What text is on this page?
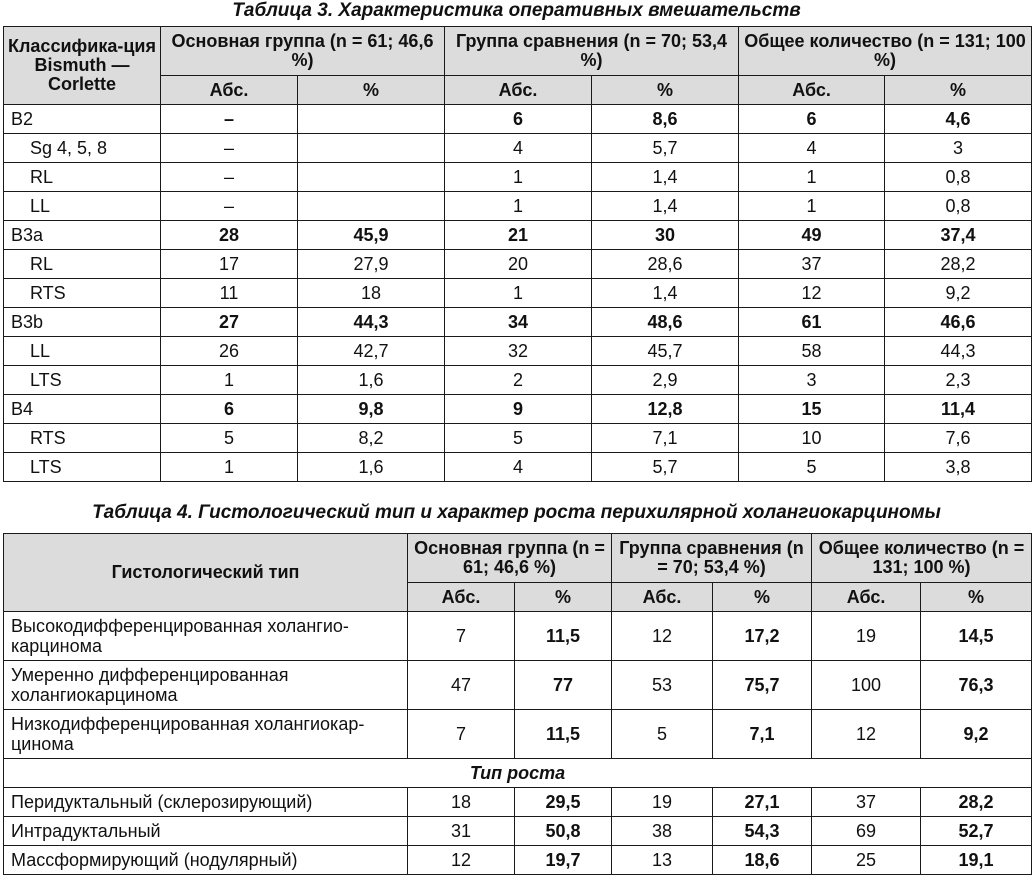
Таблица 3. Характеристика оперативных вмешательств
Классифика-ция Bismuth — Corlette	Основная группа (n = 61; 46,6 %)		Группа сравнения (n = 70; 53,4 %)		Общее количество (n = 131; 100 %)	
	Абс.	%	Абс.	%	Абс.	%
B2	–		6	8,6	6	4,6
Sg 4, 5, 8	–		4	5,7	4	3
RL	–		1	1,4	1	0,8
LL	–		1	1,4	1	0,8
B3a	28	45,9	21	30	49	37,4
RL	17	27,9	20	28,6	37	28,2
RTS	11	18	1	1,4	12	9,2
B3b	27	44,3	34	48,6	61	46,6
LL	26	42,7	32	45,7	58	44,3
LTS	1	1,6	2	2,9	3	2,3
B4	6	9,8	9	12,8	15	11,4
RTS	5	8,2	5	7,1	10	7,6
LTS	1	1,6	4	5,7	5	3,8
Таблица 4. Гистологический тип и характер роста перихилярной холангиокарциномы
Гистологический тип	Основная группа (n = 61; 46,6 %)		Группа сравнения (n = 70; 53,4 %)		Общее количество (n = 131; 100 %)	
	Абс.	%	Абс.	%	Абс.	%
Высокодифференцированная холангио-карцинома	7	11,5	12	17,2	19	14,5
Умеренно дифференцированная холангиокарцинома	47	77	53	75,7	100	76,3
Низкодифференцированная холангиокар-цинома	7	11,5	5	7,1	12	9,2
Тип роста						
Перидуктальный (склерозирующий)	18	29,5	19	27,1	37	28,2
Интрадуктальный	31	50,8	38	54,3	69	52,7
Массформирующий (нодулярный)	12	19,7	13	18,6	25	19,1
